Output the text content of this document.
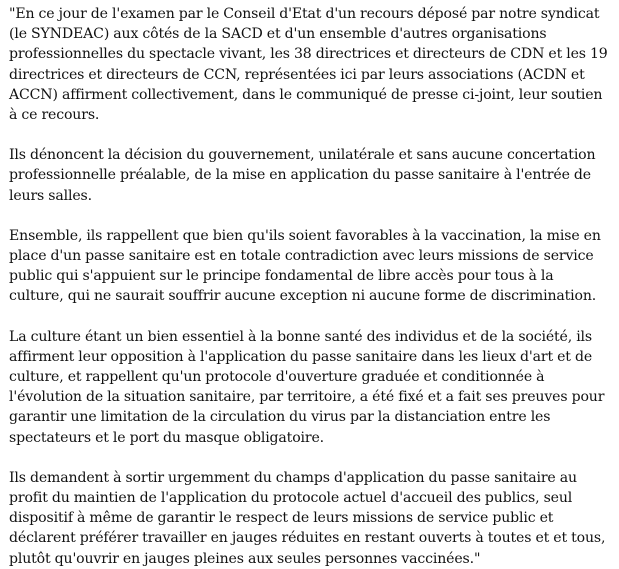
"En ce jour de l'examen par le Conseil d'Etat d'un recours déposé par notre syndicat (le SYNDEAC) aux côtés de la SACD et d'un ensemble d'autres organisations professionnelles du spectacle vivant, les 38 directrices et directeurs de CDN et les 19 directrices et directeurs de CCN, représentées ici par leurs associations (ACDN et ACCN) affirment collectivement, dans le communiqué de presse ci-joint, leur soutien à ce recours.

Ils dénoncent la décision du gouvernement, unilatérale et sans aucune concertation professionnelle préalable, de la mise en application du passe sanitaire à l'entrée de leurs salles.

Ensemble, ils rappellent que bien qu'ils soient favorables à la vaccination, la mise en place d'un passe sanitaire est en totale contradiction avec leurs missions de service public qui s'appuient sur le principe fondamental de libre accès pour tous à la culture, qui ne saurait souffrir aucune exception ni aucune forme de discrimination.

La culture étant un bien essentiel à la bonne santé des individus et de la société, ils affirment leur opposition à l'application du passe sanitaire dans les lieux d'art et de culture, et rappellent qu'un protocole d'ouverture graduée et conditionnée à l'évolution de la situation sanitaire, par territoire, a été fixé et a fait ses preuves pour garantir une limitation de la circulation du virus par la distanciation entre les spectateurs et le port du masque obligatoire.

Ils demandent à sortir urgemment du champs d'application du passe sanitaire au profit du maintien de l'application du protocole actuel d'accueil des publics, seul dispositif à même de garantir le respect de leurs missions de service public et déclarent préférer travailler en jauges réduites en restant ouverts à toutes et et tous, plutôt qu'ouvrir en jauges pleines aux seules personnes vaccinées."
